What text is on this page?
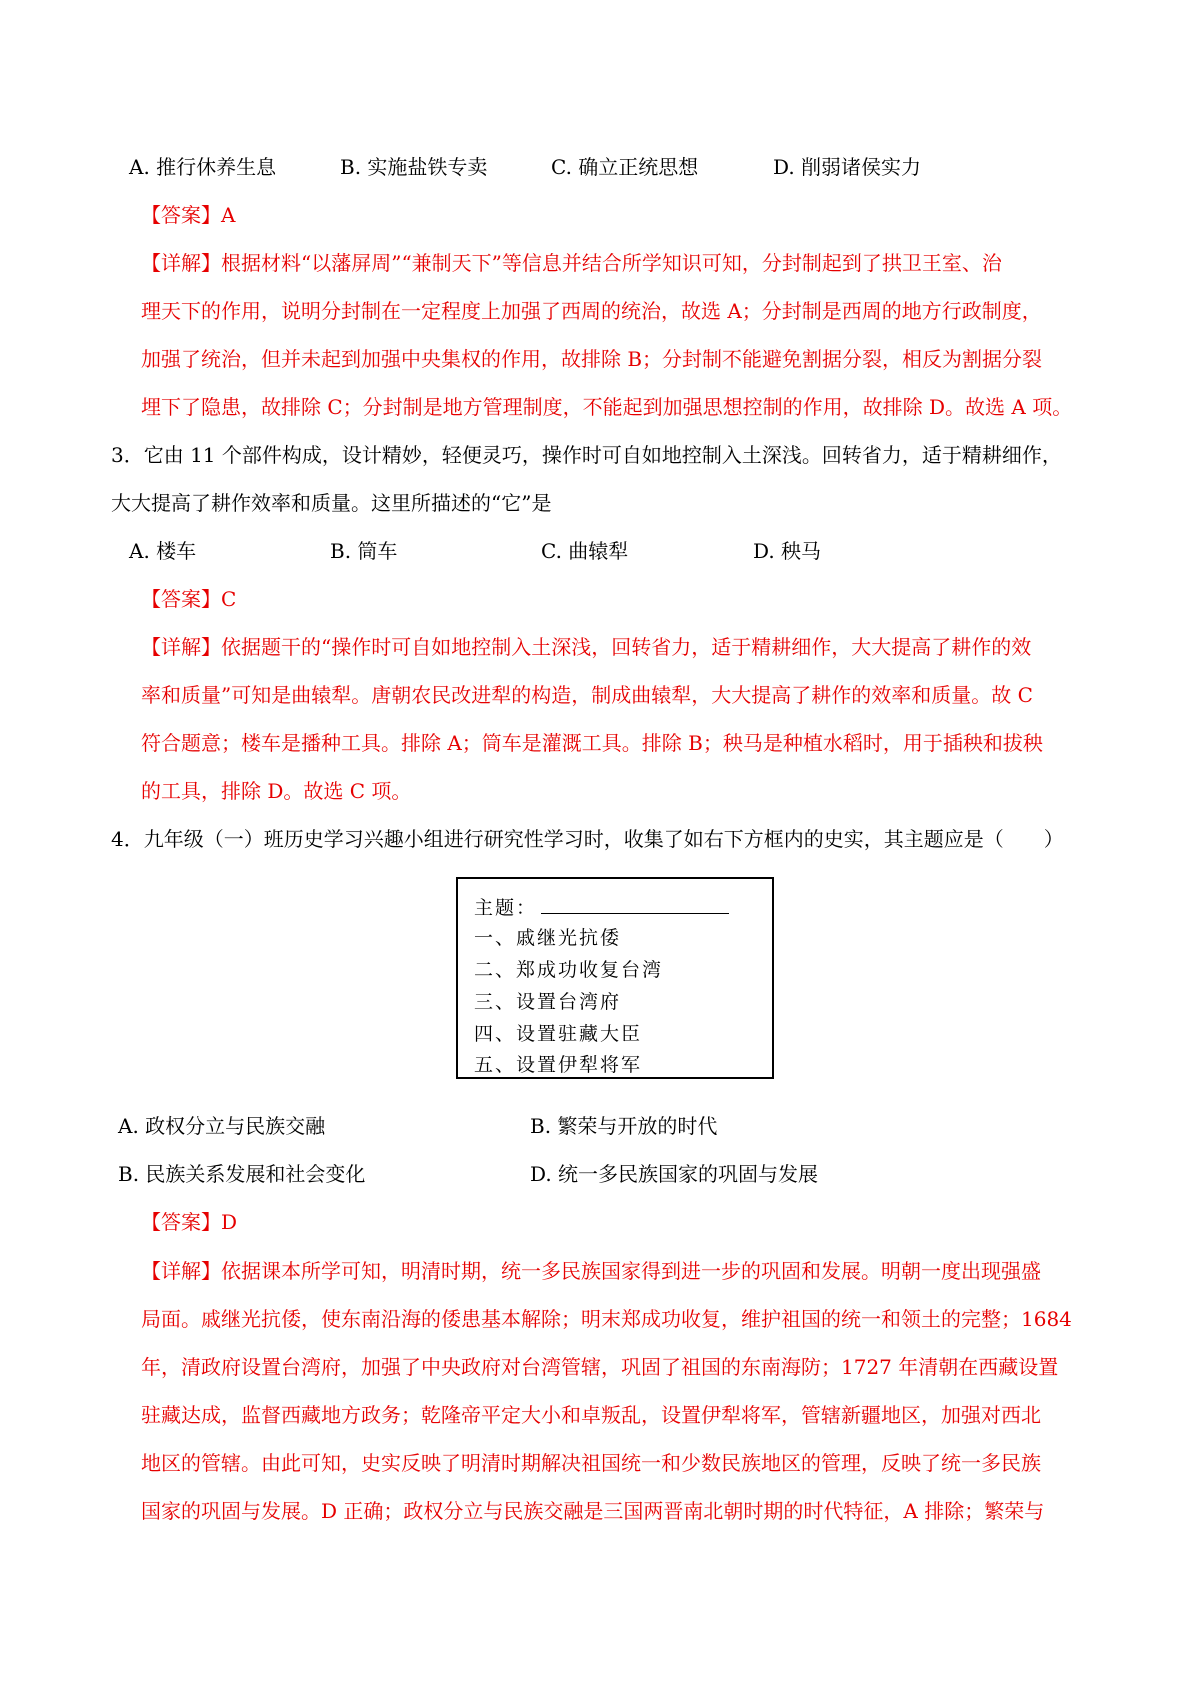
A. 推行休养生息	B. 实施盐铁专卖	C. 确立正统思想	D. 削弱诸侯实力
【答案】A
【详解】根据材料“以藩屏周”“兼制天下”等信息并结合所学知识可知，分封制起到了拱卫王室、治
理天下的作用，说明分封制在一定程度上加强了西周的统治，故选 A；分封制是西周的地方行政制度，
加强了统治，但并未起到加强中央集权的作用，故排除 B；分封制不能避免割据分裂，相反为割据分裂
埋下了隐患，故排除 C；分封制是地方管理制度，不能起到加强思想控制的作用，故排除 D。故选 A 项。
3．它由 11 个部件构成，设计精妙，轻便灵巧，操作时可自如地控制入土深浅。回转省力，适于精耕细作，
大大提高了耕作效率和质量。这里所描述的“它”是
A. 楼车	B. 筒车	C. 曲辕犁	D. 秧马
【答案】C
【详解】依据题干的“操作时可自如地控制入土深浅，回转省力，适于精耕细作，大大提高了耕作的效
率和质量”可知是曲辕犁。唐朝农民改进犁的构造，制成曲辕犁，大大提高了耕作的效率和质量。故 C
符合题意；楼车是播种工具。排除 A；筒车是灌溉工具。排除 B；秧马是种植水稻时，用于插秧和拔秧
的工具，排除 D。故选 C 项。
4．九年级（一）班历史学习兴趣小组进行研究性学习时，收集了如右下方框内的史实，其主题应是（　　）
主题：
一、戚继光抗倭
二、郑成功收复台湾
三、设置台湾府
四、设置驻藏大臣
五、设置伊犁将军
A. 政权分立与民族交融	B. 繁荣与开放的时代
B. 民族关系发展和社会变化	D. 统一多民族国家的巩固与发展
【答案】D
【详解】依据课本所学可知，明清时期，统一多民族国家得到进一步的巩固和发展。明朝一度出现强盛
局面。戚继光抗倭，使东南沿海的倭患基本解除；明末郑成功收复，维护祖国的统一和领土的完整；1684
年，清政府设置台湾府，加强了中央政府对台湾管辖，巩固了祖国的东南海防；1727 年清朝在西藏设置
驻藏达成，监督西藏地方政务；乾隆帝平定大小和卓叛乱，设置伊犁将军，管辖新疆地区，加强对西北
地区的管辖。由此可知，史实反映了明清时期解决祖国统一和少数民族地区的管理，反映了统一多民族
国家的巩固与发展。D 正确；政权分立与民族交融是三国两晋南北朝时期的时代特征，A 排除；繁荣与
